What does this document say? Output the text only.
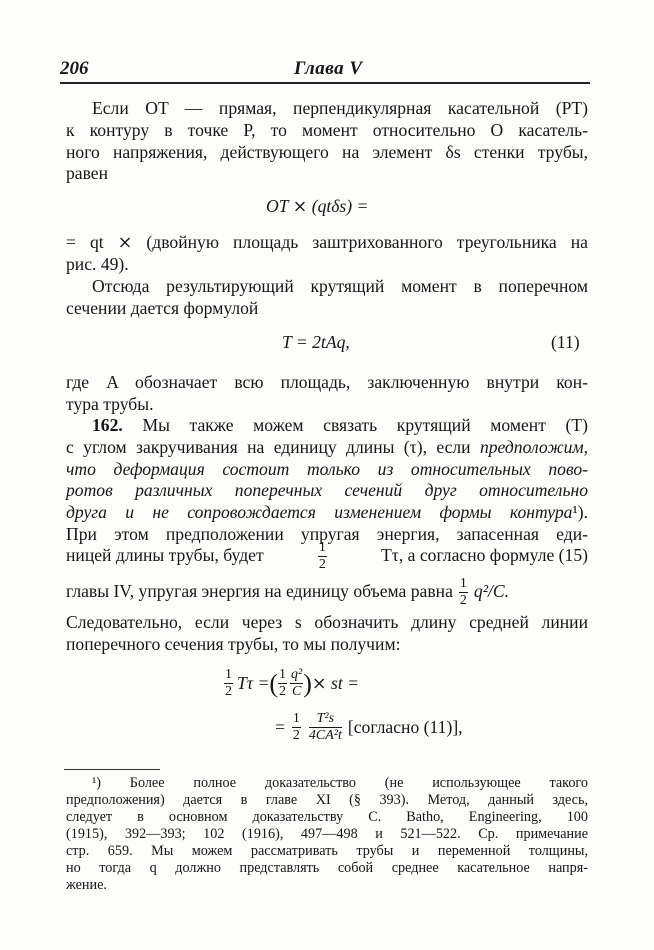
206	Глава V
Если OT — прямая, перпендикулярная касательной (PT)
к контуру в точке P, то момент относительно O касатель-
ного напряжения, действующего на элемент δs стенки трубы,
равен
OT ⨯ (qtδs) =
= qt ⨯ (двойную площадь заштрихованного треугольника на
рис. 49).
Отсюда результирующий крутящий момент в поперечном
сечении дается формулой
T = 2tAq,	(11)
где A обозначает всю площадь, заключенную внутри кон-
тура трубы.
162. Мы также можем связать крутящий момент (T)
с углом закручивания на единицу длины (τ), если предположим,
что деформация состоит только из относительных пово-
ротов различных поперечных сечений друг относительно
друга и не сопровождается изменением формы контура¹).
При этом предположении упругая энергия, запасенная еди-
ницей длины трубы, будет	$\frac{1}{2}$	Tτ, а согласно формуле (15)
главы IV, упругая энергия на единицу объема равна $\frac{1}{2} q^2/C$.
Следовательно, если через s обозначить длину средней линии
поперечного сечения трубы, то мы получим:
$\frac{1}{2}$ Tτ = ( $\frac{1}{2} \frac{\text{q²}}{C}$ ) ⨯ st =
= $\frac{1}{2} \frac{\text{T²s}}{\text{4CA²t}}$ [согласно (11)],
¹) Более полное доказательство (не использующее такого
предположения) дается в главе XI (§ 393). Метод, данный здесь,
следует в основном доказательству С. Batho, Engineering, 100
(1915), 392—393; 102 (1916), 497—498 и 521—522. Ср. примечание
стр. 659. Мы можем рассматривать трубы и переменной толщины,
но тогда q должно представлять собой среднее касательное напря-
жение.
